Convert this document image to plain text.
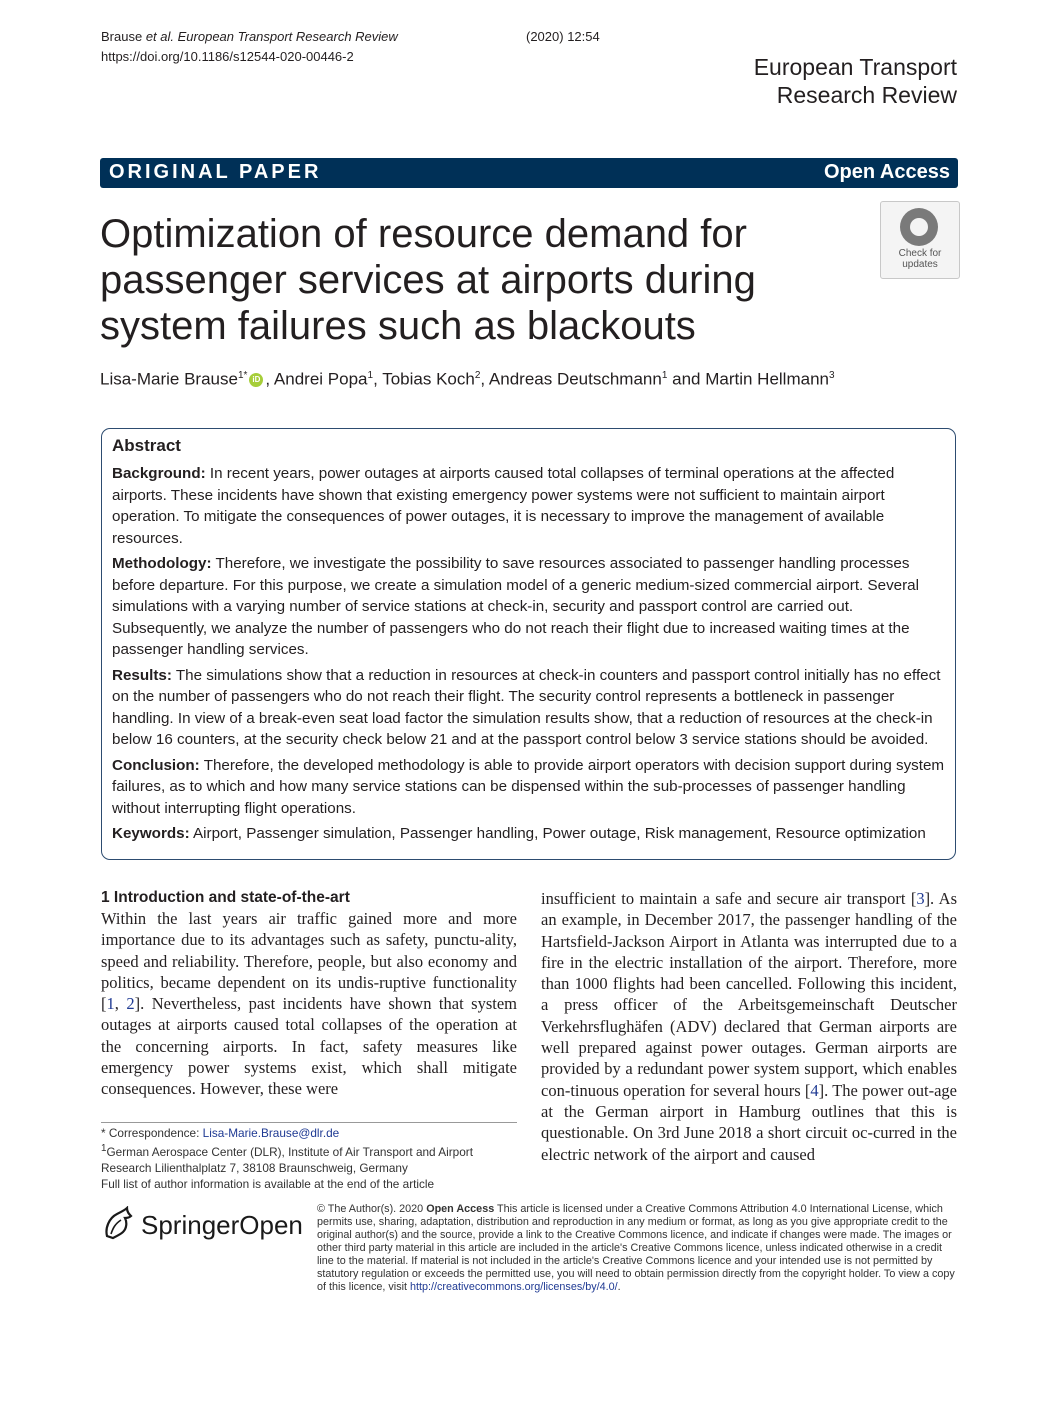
Brause et al. European Transport Research Review	(2020) 12:54
https://doi.org/10.1186/s12544-020-00446-2	European Transport
Research Review
ORIGINAL PAPER	Open Access
Optimization of resource demand for passenger services at airports during system failures such as blackouts
Check for
updates
Lisa-Marie Brause$^{1*}$ iD , Andrei Popa$^1$, Tobias Koch$^2$, Andreas Deutschmann$^1$ and Martin Hellmann$^3$
Abstract

Background: In recent years, power outages at airports caused total collapses of terminal operations at the affected airports. These incidents have shown that existing emergency power systems were not sufficient to maintain airport operation. To mitigate the consequences of power outages, it is necessary to improve the management of available resources.

Methodology: Therefore, we investigate the possibility to save resources associated to passenger handling processes before departure. For this purpose, we create a simulation model of a generic medium-sized commercial airport. Several simulations with a varying number of service stations at check-in, security and passport control are carried out. Subsequently, we analyze the number of passengers who do not reach their flight due to increased waiting times at the passenger handling services.

Results: The simulations show that a reduction in resources at check-in counters and passport control initially has no effect on the number of passengers who do not reach their flight. The security control represents a bottleneck in passenger handling. In view of a break-even seat load factor the simulation results show, that a reduction of resources at the check-in below 16 counters, at the security check below 21 and at the passport control below 3 service stations should be avoided.

Conclusion: Therefore, the developed methodology is able to provide airport operators with decision support during system failures, as to which and how many service stations can be dispensed within the sub-processes of passenger handling without interrupting flight operations.

Keywords: Airport, Passenger simulation, Passenger handling, Power outage, Risk management, Resource optimization

1 Introduction and state-of-the-art

Within the last years air traffic gained more and more importance due to its advantages such as safety, punctu-ality, speed and reliability. Therefore, people, but also economy and politics, became dependent on its undis-ruptive functionality [1, 2]. Nevertheless, past incidents have shown that system outages at airports caused total collapses of the operation at the concerning airports. In fact, safety measures like emergency power systems exist, which shall mitigate consequences. However, these were

insufficient to maintain a safe and secure air transport [3]. As an example, in December 2017, the passenger handling of the Hartsfield-Jackson Airport in Atlanta was interrupted due to a fire in the electric installation of the airport. Therefore, more than 1000 flights had been cancelled. Following this incident, a press officer of the Arbeitsgemeinschaft Deutscher Verkehrsflughäfen (ADV) declared that German airports are well prepared against power outages. German airports are provided by a redundant power system support, which enables con-tinuous operation for several hours [4]. The power out-age at the German airport in Hamburg outlines that this is questionable. On 3rd June 2018 a short circuit oc-curred in the electric network of the airport and caused

* Correspondence: Lisa-Marie.Brause@dlr.de
$^1$German Aerospace Center (DLR), Institute of Air Transport and Airport Research Lilienthalplatz 7, 38108 Braunschweig, Germany
Full list of author information is available at the end of the article
SpringerOpen
© The Author(s). 2020 Open Access This article is licensed under a Creative Commons Attribution 4.0 International License, which permits use, sharing, adaptation, distribution and reproduction in any medium or format, as long as you give appropriate credit to the original author(s) and the source, provide a link to the Creative Commons licence, and indicate if changes were made. The images or other third party material in this article are included in the article's Creative Commons licence, unless indicated otherwise in a credit line to the material. If material is not included in the article's Creative Commons licence and your intended use is not permitted by statutory regulation or exceeds the permitted use, you will need to obtain permission directly from the copyright holder. To view a copy of this licence, visit http://creativecommons.org/licenses/by/4.0/.
